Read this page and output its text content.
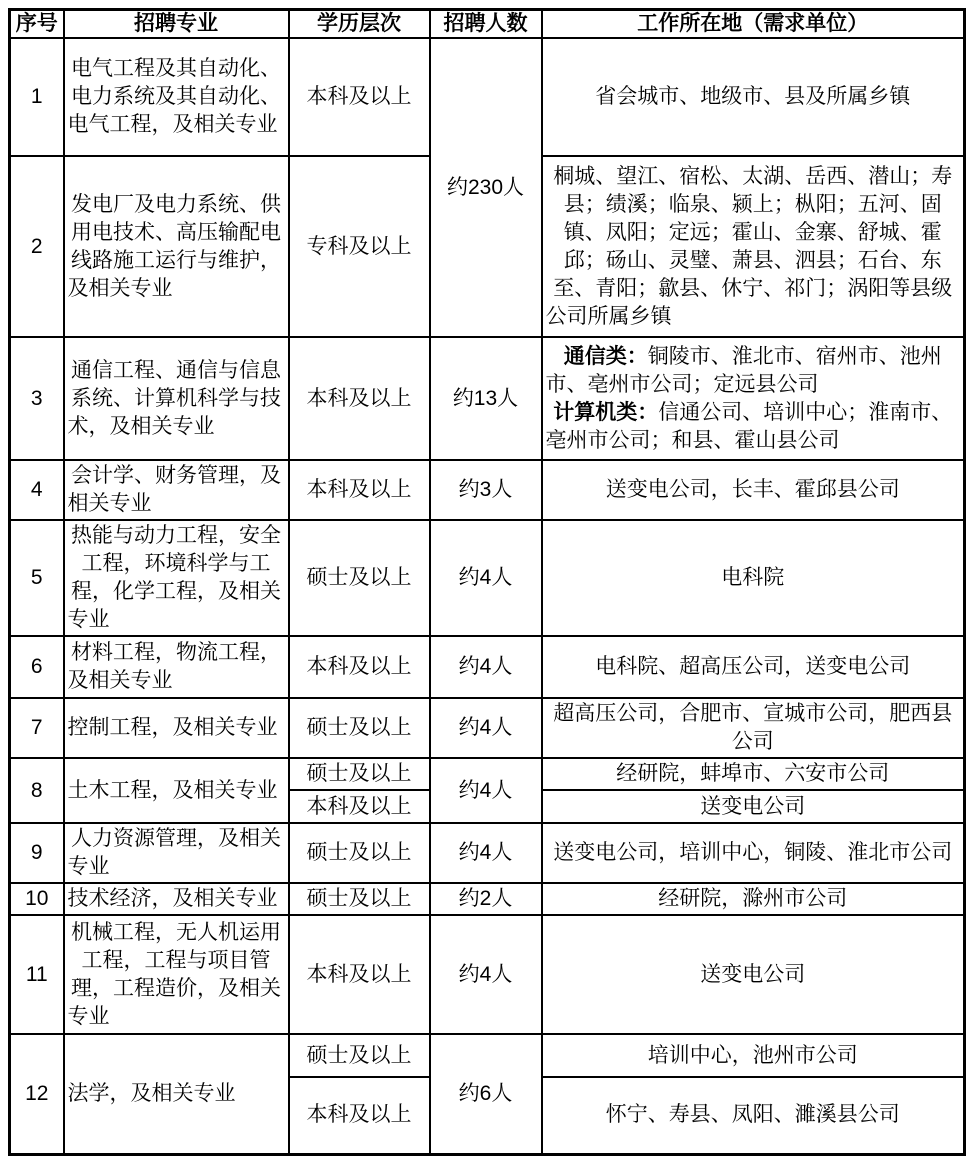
序号	招聘专业	学历层次	招聘人数	工作所在地（需求单位）
1	电气工程及其自动化、电力系统及其自动化、电气工程，及相关专业	本科及以上	约230人	省会城市、地级市、县及所属乡镇
2	发电厂及电力系统、供用电技术、高压输配电线路施工运行与维护，及相关专业	专科及以上		桐城、望江、宿松、太湖、岳西、潜山；寿县；绩溪；临泉、颍上；枞阳；五河、固镇、凤阳；定远；霍山、金寨、舒城、霍邱；砀山、灵璧、萧县、泗县；石台、东至、青阳；歙县、休宁、祁门；涡阳等县级公司所属乡镇
3	通信工程、通信与信息系统、计算机科学与技术，及相关专业	本科及以上	约13人	通信类：铜陵市、淮北市、宿州市、池州市、亳州市公司；定远县公司
计算机类：信通公司、培训中心；淮南市、亳州市公司；和县、霍山县公司
4	会计学、财务管理，及相关专业	本科及以上	约3人	送变电公司，长丰、霍邱县公司
5	热能与动力工程，安全工程，环境科学与工程，化学工程，及相关专业	硕士及以上	约4人	电科院
6	材料工程，物流工程，及相关专业	本科及以上	约4人	电科院、超高压公司，送变电公司
7	控制工程，及相关专业	硕士及以上	约4人	超高压公司，合肥市、宣城市公司，肥西县公司
8	土木工程，及相关专业	硕士及以上	约4人	经研院，蚌埠市、六安市公司
		本科及以上		送变电公司
9	人力资源管理，及相关专业	硕士及以上	约4人	送变电公司，培训中心，铜陵、淮北市公司
10	技术经济，及相关专业	硕士及以上	约2人	经研院，滁州市公司
11	机械工程，无人机运用工程，工程与项目管理，工程造价，及相关专业	本科及以上	约4人	送变电公司
12	法学，及相关专业	硕士及以上	约6人	培训中心，池州市公司
		本科及以上		怀宁、寿县、凤阳、濉溪县公司
